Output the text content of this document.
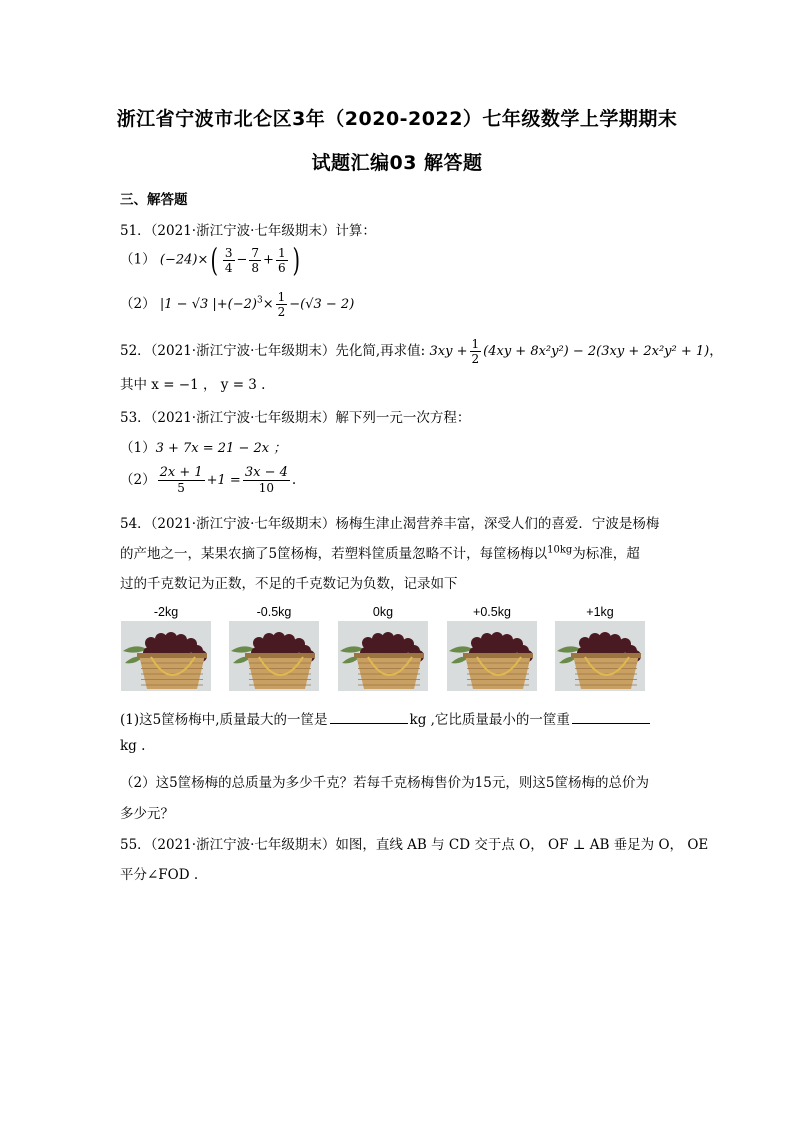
浙江省宁波市北仑区3年（2020-2022）七年级数学上学期期末
试题汇编03 解答题
三、解答题
51．（2021·浙江宁波·七年级期末）计算：
（1） $(-24)\times( \frac{3}{4} - \frac{7}{8} + \frac{1}{6}$ )
（2） |1 − √3 $|+(-2)^3\times \frac{1}{2} -(√3 - 2)$
52．（2021·浙江宁波·七年级期末）先化简,再求值: $3xy + \frac{1}{2} (4xy + 8x^2y^2) - 2(3xy + 2x^2y^2 + 1)$，
其中 x = −1 ， y = 3 .
53．（2021·浙江宁波·七年级期末）解下列一元一次方程：
（1）3 + 7x = 21 − 2x ；
$(2) \frac{2x + 1}{5} +1 = \frac{3x - 4}{10}$ .
54．（2021·浙江宁波·七年级期末）杨梅生津止渴营养丰富，深受人们的喜爱．宁波是杨梅
的产地之一，某果农摘了5筐杨梅，若塑料筐质量忽略不计，每筐杨梅以$^{10kg}$为标准，超
过的千克数记为正数，不足的千克数记为负数，记录如下
-2kg	-0.5kg	0kg	+0.5kg	+1kg
(1)这5筐杨梅中,质量最大的一筐是	kg ,它比质量最小的一筐重
kg .
（2）这5筐杨梅的总质量为多少千克？若每千克杨梅售价为15元，则这5筐杨梅的总价为
多少元？
55．（2021·浙江宁波·七年级期末）如图，直线 AB 与 CD 交于点 O， OF ⊥ AB 垂足为 O， OE
平分∠FOD .
